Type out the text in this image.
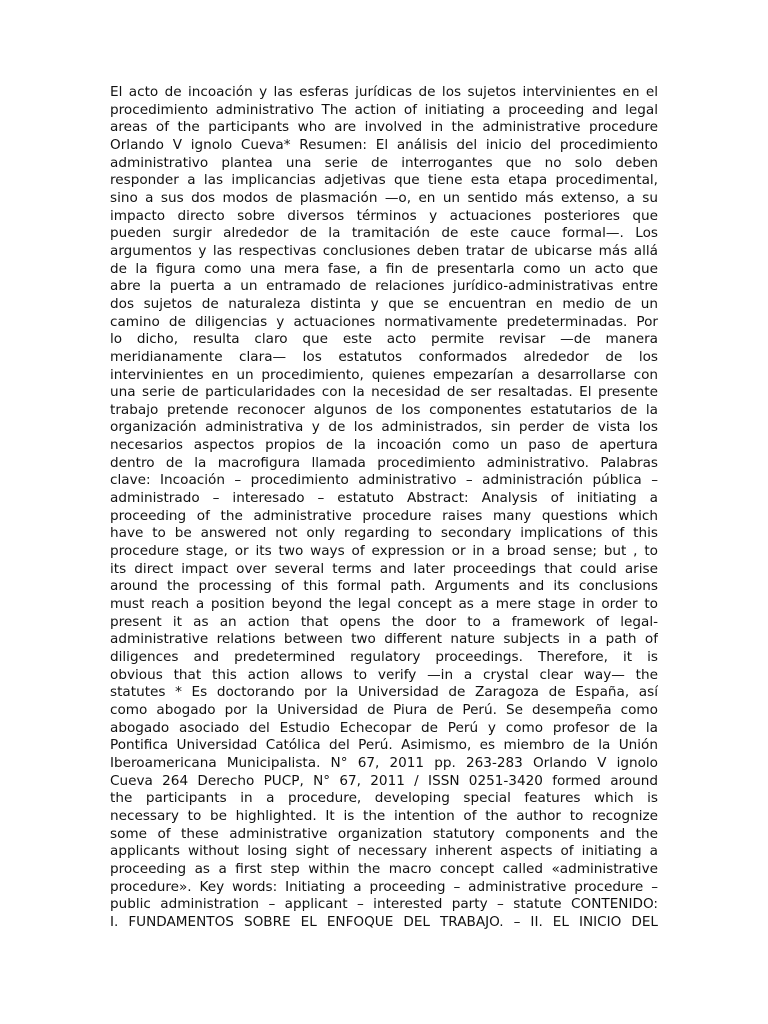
El acto de incoación y las esferas jurídicas de los sujetos intervinientes en el
procedimiento administrativo The action of initiating a proceeding and legal
areas of the participants who are involved in the administrative procedure
Orlando V ignolo Cueva* Resumen: El análisis del inicio del procedimiento
administrativo plantea una serie de interrogantes que no solo deben
responder a las implicancias adjetivas que tiene esta etapa procedimental,
sino a sus dos modos de plasmación —o, en un sentido más extenso, a su
impacto directo sobre diversos términos y actuaciones posteriores que
pueden surgir alrededor de la tramitación de este cauce formal—. Los
argumentos y las respectivas conclusiones deben tratar de ubicarse más allá
de la figura como una mera fase, a fin de presentarla como un acto que
abre la puerta a un entramado de relaciones jurídico-administrativas entre
dos sujetos de naturaleza distinta y que se encuentran en medio de un
camino de diligencias y actuaciones normativamente predeterminadas. Por
lo dicho, resulta claro que este acto permite revisar —de manera
meridianamente clara— los estatutos conformados alrededor de los
intervinientes en un procedimiento, quienes empezarían a desarrollarse con
una serie de particularidades con la necesidad de ser resaltadas. El presente
trabajo pretende reconocer algunos de los componentes estatutarios de la
organización administrativa y de los administrados, sin perder de vista los
necesarios aspectos propios de la incoación como un paso de apertura
dentro de la macrofigura llamada procedimiento administrativo. Palabras
clave: Incoación – procedimiento administrativo – administración pública –
administrado – interesado – estatuto Abstract: Analysis of initiating a
proceeding of the administrative procedure raises many questions which
have to be answered not only regarding to secondary implications of this
procedure stage, or its two ways of expression or in a broad sense; but , to
its direct impact over several terms and later proceedings that could arise
around the processing of this formal path. Arguments and its conclusions
must reach a position beyond the legal concept as a mere stage in order to
present it as an action that opens the door to a framework of legal-
administrative relations between two different nature subjects in a path of
diligences and predetermined regulatory proceedings. Therefore, it is
obvious that this action allows to verify —in a crystal clear way— the
statutes * Es doctorando por la Universidad de Zaragoza de España, así
como abogado por la Universidad de Piura de Perú. Se desempeña como
abogado asociado del Estudio Echecopar de Perú y como profesor de la
Pontifica Universidad Católica del Perú. Asimismo, es miembro de la Unión
Iberoamericana Municipalista. N° 67, 2011 pp. 263-283 Orlando V ignolo
Cueva 264 Derecho PUCP, N° 67, 2011 / ISSN 0251-3420 formed around
the participants in a procedure, developing special features which is
necessary to be highlighted. It is the intention of the author to recognize
some of these administrative organization statutory components and the
applicants without losing sight of necessary inherent aspects of initiating a
proceeding as a first step within the macro concept called «administrative
procedure». Key words: Initiating a proceeding – administrative procedure –
public administration – applicant – interested party – statute CONTENIDO:
I. FUNDAMENTOS SOBRE EL ENFOQUE DEL TRABAJO. – II. EL INICIO DEL
